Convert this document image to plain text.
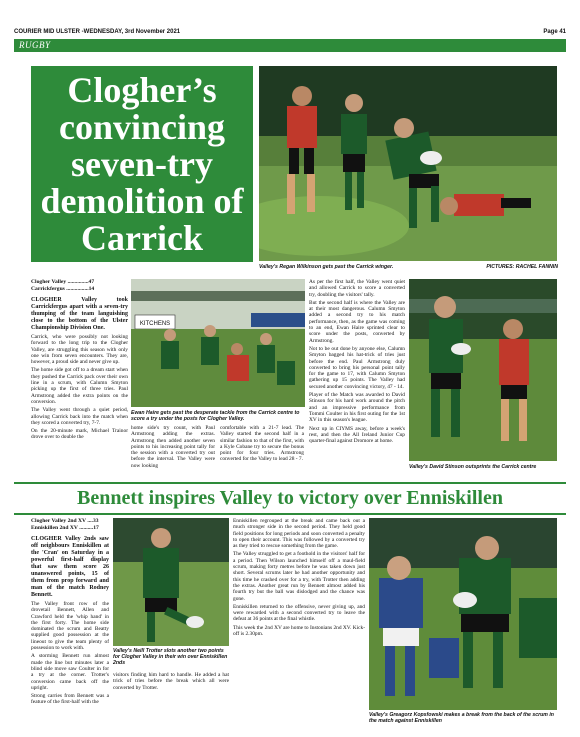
COURIER MID ULSTER -WEDNESDAY, 3rd November 2021	Page 41
RUGBY
Clogher’s convincing seven-try demolition of Carrick
Valley's Regan Wilkinson gets past the Carrick winger.	PICTURES: RACHEL FANNIN
Clogher Valley ...............47
Carrickfergus ................14

CLOGHER Valley took Carrickfergus apart with a seven-try thumping of the team languishing close to the bottom of the Ulster Championship Division One.

Carrick, who were possibly not looking forward to the long trip to the Clogher Valley, are struggling this season with only one win from seven encounters. They are, however, a proud side and never give up.

The home side got off to a dream start when they pushed the Carrick pack over their own line in a scrum, with Calumn Smyton picking up the first of three tries. Paul Armstrong added the extra points on the conversion.

The Valley went through a quiet period, allowing Carrick back into the match when they scored a converted try, 7-7.

On the 20-minute mark, Michael Trainor drove over to double the

KITCHENS
Ewan Haire gets past the desperate tackle from the Carrick centre to score a try under the posts for Clogher Valley.
home side's try count, with Paul Armstrong adding the extras. Armstrong then added another seven points to his increasing point tally for the session with a converted try out before the interval. The Valley were now looking
comfortable with a 21-7 lead. The Valley started the second half in a similar fashion to that of the first, with a Kyle Cobane try to secure the bonus point for four tries. Armstrong converted for the Valley to lead 28 - 7.

As per the first half, the Valley went quiet and allowed Carrick to score a converted try, doubling the visitors' tally.

But the second half is where the Valley are at their most dangerous. Calumn Smyton added a second try to his match performance, then, as the game was coming to an end, Ewan Haire sprinted clear to score under the posts, converted by Armstrong.

Not to be out done by anyone else, Calumn Smyton bagged his hat-trick of tries just before the end. Paul Armstrong duly converted to bring his personal point tally for the game to 17, with Calumn Smyton gathering up 15 points. The Valley had secured another convincing victory, 47 - 14.

Player of the Match was awarded to David Stinson for his hard work around the pitch and an impressive performance from Tommi Coulter in his first outing for the 1st XV in this season's league.

Next up in CIYMS away, before a week's rest, and then the All Ireland Junior Cup quarter-final against Dromore at home.

Valley's David Stinson outsprints the Carrick centre
Bennett inspires Valley to victory over Enniskillen
Clogher Valley 2nd XV ....33
Enniskillen 2nd XV ..........17

CLOGHER Valley 2nds saw off neighbours Enniskillen at the 'Cran' on Saturday in a powerful first-half display that saw them score 26 unanswered points, 15 of them from prop forward and man of the match Rodney Bennett.

The Valley front row of the drovetail Bennett, Allen and Crawford held the 'whip hand' in the first forty. The home side dominated the scrum and Beatty supplied good possession at the lineout to give the team plenty of possession to work with.

A storming Bennett run almost made the line but minutes later a blind side move saw Coulter in for a try at the corner. Trotter's conversion came back off the upright.

Strong carries from Bennett was a feature of the first-half with the

Valley's Neill Trotter slots another two points for Clogher Valley in their win over Enniskillen 2nds
visitors finding him hard to handle. He added a hat trick of tries before the break which all were converted by Trotter.

Enniskillen regrouped at the break and came back out a much stronger side in the second period. They held good field positions for long periods and soon converted a penalty to open their account. This was followed by a converted try as they tried to rescue something from the game.

The Valley struggled to get a foothold in the visitors' half for a period. Then Wilson launched himself off a maul-field scrum, making forty metres before he was taken down just short. Several scrums later he had another opportunity and this time he crashed over for a try, with Trotter then adding the extras. Another great run by Bennett almost added his fourth try but the ball was dislodged and the chance was gone.

Enniskillen returned to the offensive, never giving up, and were rewarded with a second converted try to leave the defeat at 36 points at the final whistle.

This week the 2nd XV are home to Instonians 2nd XV. Kick-off is 2.30pm.

Valley's Greagorz Kopsfowski makes a break from the back of the scrum in the match against Enniskillen
